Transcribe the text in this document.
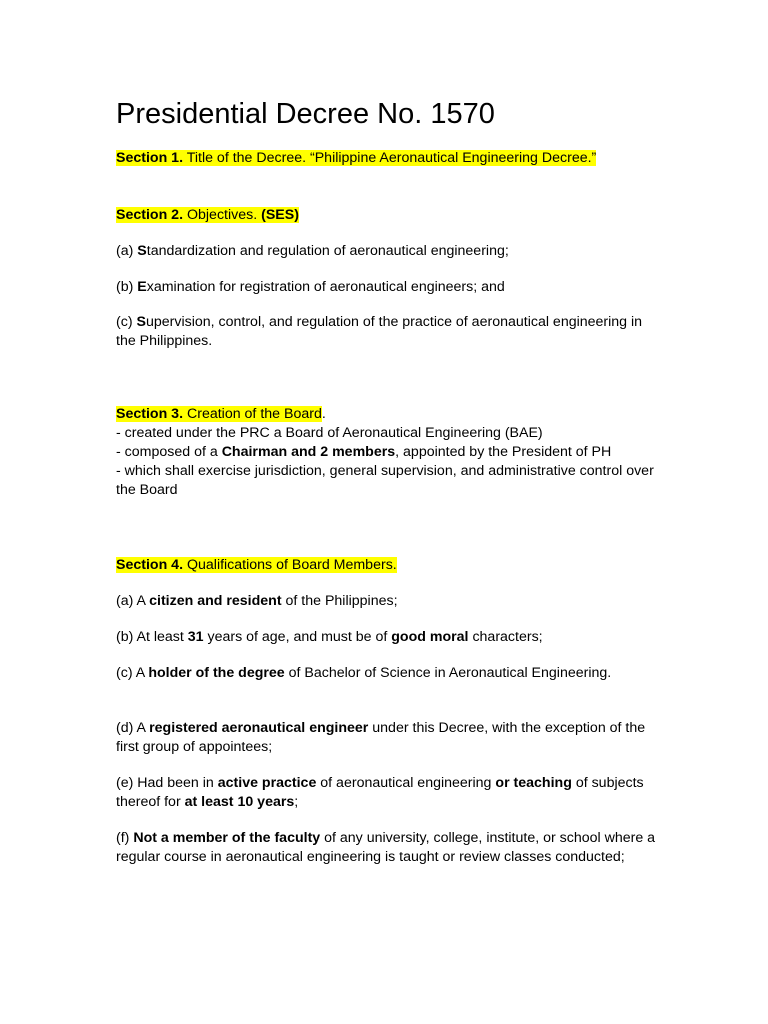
Presidential Decree No. 1570

Section 1. Title of the Decree. “Philippine Aeronautical Engineering Decree.”

Section 2. Objectives. (SES)

(a) Standardization and regulation of aeronautical engineering;

(b) Examination for registration of aeronautical engineers; and

(c) Supervision, control, and regulation of the practice of aeronautical engineering in the Philippines.

Section 3. Creation of the Board.
- created under the PRC a Board of Aeronautical Engineering (BAE)
- composed of a Chairman and 2 members, appointed by the President of PH
- which shall exercise jurisdiction, general supervision, and administrative control over the Board

Section 4. Qualifications of Board Members.

(a) A citizen and resident of the Philippines;

(b) At least 31 years of age, and must be of good moral characters;

(c) A holder of the degree of Bachelor of Science in Aeronautical Engineering.

(d) A registered aeronautical engineer under this Decree, with the exception of the first group of appointees;

(e) Had been in active practice of aeronautical engineering or teaching of subjects thereof for at least 10 years;

(f) Not a member of the faculty of any university, college, institute, or school where a regular course in aeronautical engineering is taught or review classes conducted;
